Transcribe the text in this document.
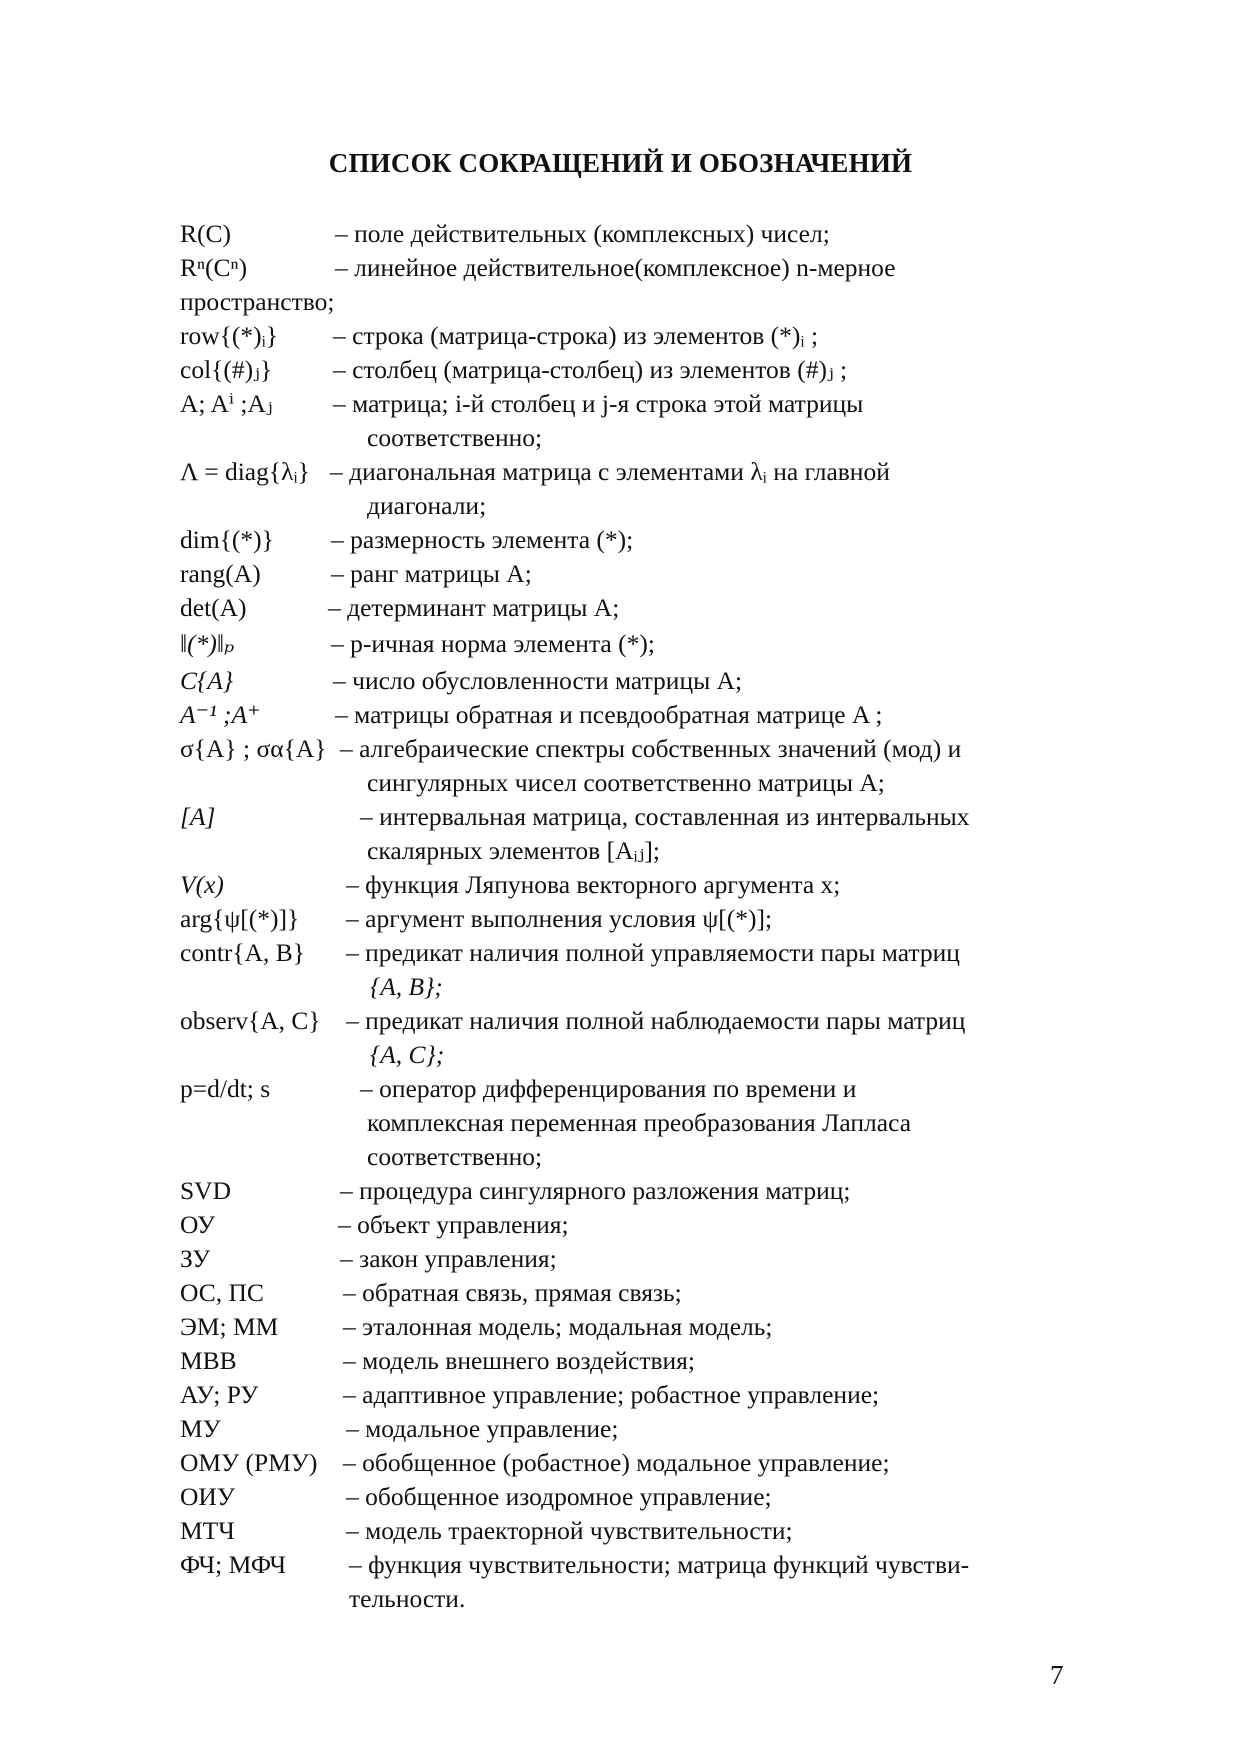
СПИСОК СОКРАЩЕНИЙ И ОБОЗНАЧЕНИЙ
R(C)	– поле действительных (комплексных) чисел;
Rⁿ(Cⁿ)	– линейное действительное(комплексное) n-мерное
пространство;
row{(*)ᵢ} – строка (матрица-строка) из элементов (*)ᵢ ;
col{(#)ⱼ} – столбец (матрица-столбец) из элементов (#)ⱼ ;
A; Aⁱ ;Aⱼ – матрица; i-й столбец и j-я строка этой матрицы
соответственно;
Λ = diag{λᵢ} – диагональная матрица с элементами λᵢ на главной
диагонали;
dim{(*)} – размерность элемента (*);
rang(A)	– ранг матрицы А;
det(A)	– детерминант матрицы А;
‖(*)‖ₚ	– p-ичная норма элемента (*);
C{A}	– число обусловленности матрицы A;
A⁻¹ ;A⁺	– матрицы обратная и псевдообратная матрице A ;
σ{A} ; σα{A} – алгебраические спектры собственных значений (мод) и
сингулярных чисел соответственно матрицы A;
[A]	– интервальная матрица, составленная из интервальных
скалярных элементов [Aᵢⱼ];
V(x)	– функция Ляпунова векторного аргумента x;
arg{ψ[(*)]} – аргумент выполнения условия ψ[(*)];
contr{A, B} – предикат наличия полной управляемости пары матриц
{A, B};
observ{A, C} – предикат наличия полной наблюдаемости пары матриц
{A, C};
p=d/dt; s	– оператор дифференцирования по времени и
комплексная переменная преобразования Лапласа
соответственно;
SVD	– процедура сингулярного разложения матриц;
ОУ	– объект управления;
ЗУ	– закон управления;
ОС, ПС	– обратная связь, прямая связь;
ЭМ; ММ	– эталонная модель; модальная модель;
МВВ	– модель внешнего воздействия;
АУ; РУ	– адаптивное управление; робастное управление;
МУ	– модальное управление;
ОМУ (РМУ) – обобщенное (робастное) модальное управление;
ОИУ	– обобщенное изодромное управление;
МТЧ	– модель траекторной чувствительности;
ФЧ; МФЧ – функция чувствительности; матрица функций чувстви-
тельности.
7
